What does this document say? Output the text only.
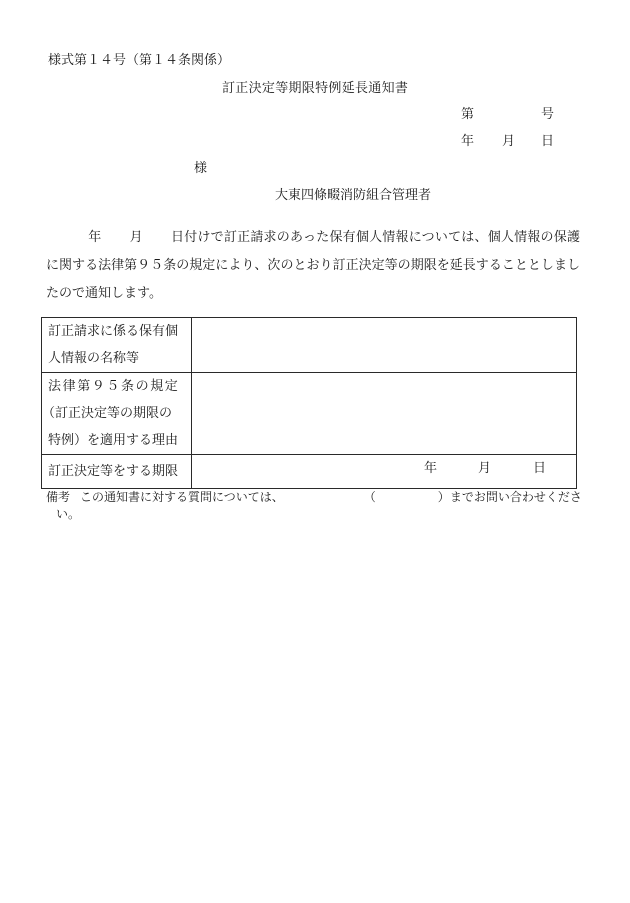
様式第１４号（第１４条関係）
訂正決定等期限特例延長通知書
第	号
年 月 日
様
大東四條畷消防組合管理者
年 月 日付けで訂正請求のあった保有個人情報については、個人情報の保護に関する法律第９５条の規定により、次のとおり訂正決定等の期限を延長することとしましたので通知します。
訂正請求に係る保有個
人情報の名称等	

法律第９５条の規定
（訂正決定等の期限の
特例）を適用する理由	

訂正決定等をする期限	年 月 日
備考 この通知書に対する質問については、	（	）までお問い合わせくださ
い。
